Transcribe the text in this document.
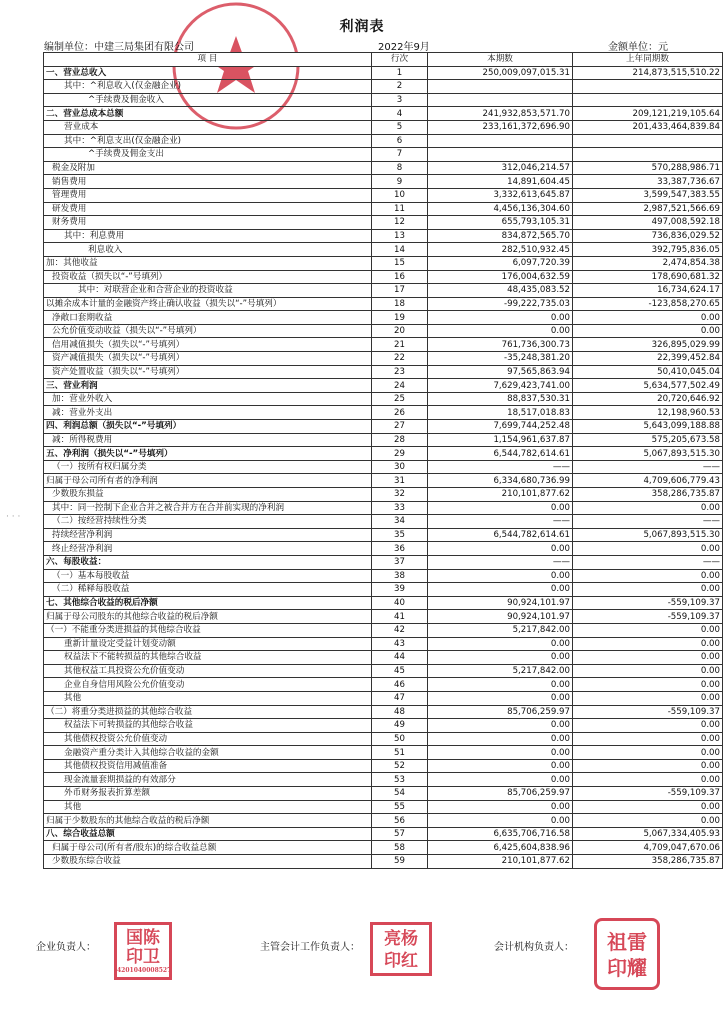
利润表
编制单位：中建三局集团有限公司	2022年9月	金额单位：元
项 目	行次	本期数	上年同期数
一、营业总收入	1	250,009,097,015.31	214,873,515,510.22
其中：^利息收入(仅金融企业)	2		
^手续费及佣金收入	3		
二、营业总成本总额	4	241,932,853,571.70	209,121,219,105.64
营业成本	5	233,161,372,696.90	201,433,464,839.84
其中：^利息支出(仅金融企业)	6		
^手续费及佣金支出	7		
税金及附加	8	312,046,214.57	570,288,986.71
销售费用	9	14,891,604.45	33,387,736.67
管理费用	10	3,332,613,645.87	3,599,547,383.55
研发费用	11	4,456,136,304.60	2,987,521,566.69
财务费用	12	655,793,105.31	497,008,592.18
其中：利息费用	13	834,872,565.70	736,836,029.52
利息收入	14	282,510,932.45	392,795,836.05
加：其他收益	15	6,097,720.39	2,474,854.38
投资收益（损失以“-”号填列）	16	176,004,632.59	178,690,681.32
其中：对联营企业和合营企业的投资收益	17	48,435,083.52	16,734,624.17
以摊余成本计量的金融资产终止确认收益（损失以“-”号填列）	18	-99,222,735.03	-123,858,270.65
净敞口套期收益	19	0.00	0.00
公允价值变动收益（损失以“-”号填列）	20	0.00	0.00
信用减值损失（损失以“-”号填列）	21	761,736,300.73	326,895,029.99
资产减值损失（损失以“-”号填列）	22	-35,248,381.20	22,399,452.84
资产处置收益（损失以“-”号填列）	23	97,565,863.94	50,410,045.04
三、营业利润	24	7,629,423,741.00	5,634,577,502.49
加：营业外收入	25	88,837,530.31	20,720,646.92
减：营业外支出	26	18,517,018.83	12,198,960.53
四、利润总额（损失以“-”号填列）	27	7,699,744,252.48	5,643,099,188.88
减：所得税费用	28	1,154,961,637.87	575,205,673.58
五、净利润（损失以“-”号填列）	29	6,544,782,614.61	5,067,893,515.30
（一）按所有权归属分类	30	——	——
归属于母公司所有者的净利润	31	6,334,680,736.99	4,709,606,779.43
少数股东损益	32	210,101,877.62	358,286,735.87
其中：同一控制下企业合并之被合并方在合并前实现的净利润	33	0.00	0.00
（二）按经营持续性分类	34	——	——
持续经营净利润	35	6,544,782,614.61	5,067,893,515.30
终止经营净利润	36	0.00	0.00
六、每股收益：	37	——	——
（一）基本每股收益	38	0.00	0.00
（二）稀释每股收益	39	0.00	0.00
七、其他综合收益的税后净额	40	90,924,101.97	-559,109.37
归属于母公司股东的其他综合收益的税后净额	41	90,924,101.97	-559,109.37
（一）不能重分类进损益的其他综合收益	42	5,217,842.00	0.00
重新计量设定受益计划变动额	43	0.00	0.00
权益法下不能转损益的其他综合收益	44	0.00	0.00
其他权益工具投资公允价值变动	45	5,217,842.00	0.00
企业自身信用风险公允价值变动	46	0.00	0.00
其他	47	0.00	0.00
（二）将重分类进损益的其他综合收益	48	85,706,259.97	-559,109.37
权益法下可转损益的其他综合收益	49	0.00	0.00
其他债权投资公允价值变动	50	0.00	0.00
金融资产重分类计入其他综合收益的金额	51	0.00	0.00
其他债权投资信用减值准备	52	0.00	0.00
现金流量套期损益的有效部分	53	0.00	0.00
外币财务报表折算差额	54	85,706,259.97	-559,109.37
其他	55	0.00	0.00
归属于少数股东的其他综合收益的税后净额	56	0.00	0.00
八、综合收益总额	57	6,635,706,716.58	5,067,334,405.93
归属于母公司(所有者/股东)的综合收益总额	58	6,425,604,838.96	4,709,047,670.06
少数股东综合收益	59	210,101,877.62	358,286,735.87
· · ·
企业负责人：	主管会计工作负责人：	会计机构负责人：
国陈
印卫
4201040008527
亮杨
印红
祖雷
印耀
